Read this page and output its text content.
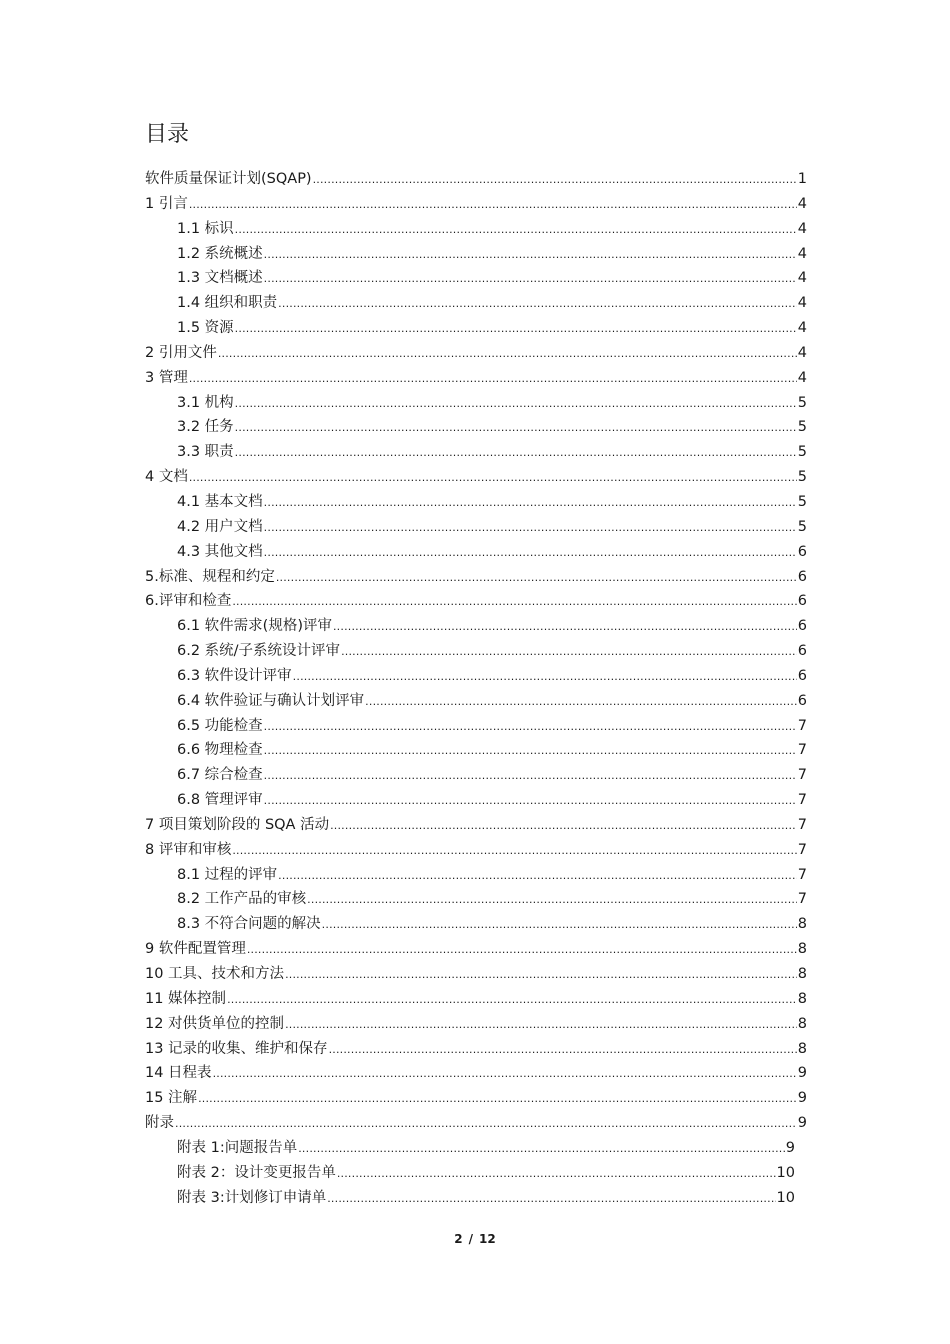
目录
软件质量保证计划(SQAP) .....	1
1 引言 .....	4
1.1 标识 .....	4
1.2 系统概述 .....	4
1.3 文档概述 .....	4
1.4 组织和职责 .....	4
1.5 资源 .....	4
2 引用文件 .....	4
3 管理 .....	4
3.1 机构 .....	5
3.2 任务 .....	5
3.3 职责 .....	5
4 文档 .....	5
4.1 基本文档 .....	5
4.2 用户文档 .....	5
4.3 其他文档 .....	6
5.标准、规程和约定 .....	6
6.评审和检查 .....	6
6.1 软件需求(规格)评审 .....	6
6.2 系统/子系统设计评审 .....	6
6.3 软件设计评审 .....	6
6.4 软件验证与确认计划评审 .....	6
6.5 功能检查 .....	7
6.6 物理检查 .....	7
6.7 综合检查 .....	7
6.8 管理评审 .....	7
7 项目策划阶段的 SQA 活动 .....	7
8 评审和审核 .....	7
8.1 过程的评审 .....	7
8.2 工作产品的审核 .....	7
8.3 不符合问题的解决 .....	8
9 软件配置管理 .....	8
10 工具、技术和方法 .....	8
11 媒体控制 .....	8
12 对供货单位的控制 .....	8
13 记录的收集、维护和保存 .....	8
14 日程表 .....	9
15 注解 .....	9
附录 .....	9
附表 1:问题报告单 .....	9
附表 2：设计变更报告单 .....	10
附表 3:计划修订申请单 .....	10
2 / 12
